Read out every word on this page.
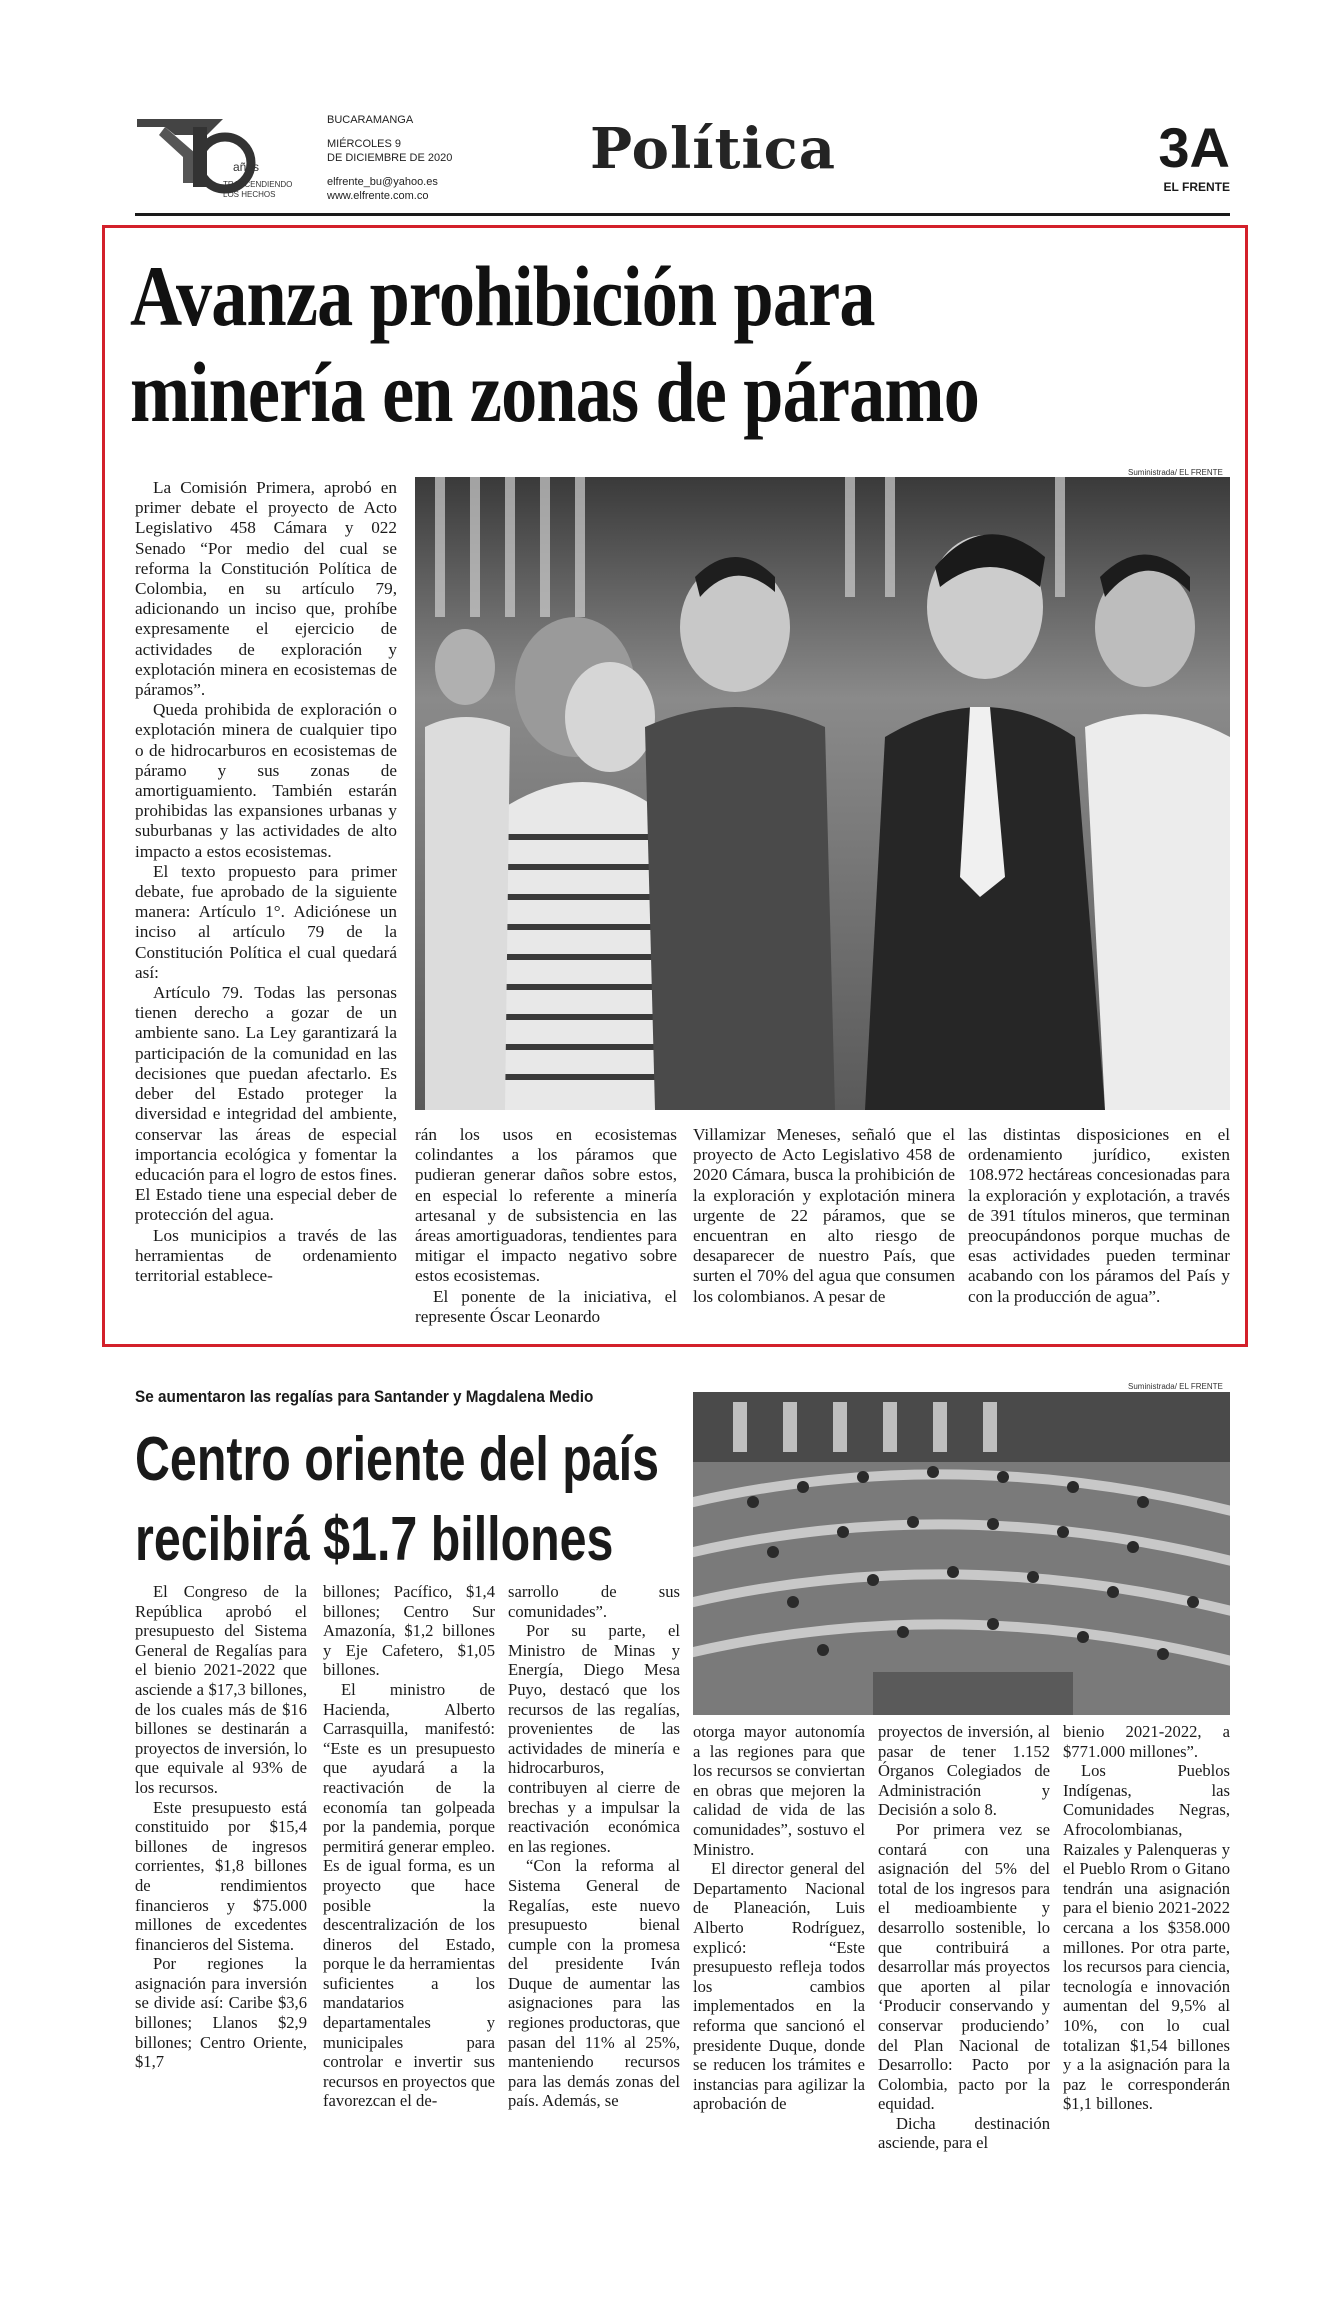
años
TRASCENDIENDO
LOS HECHOS
BUCARAMANGA
MIÉRCOLES 9
DE DICIEMBRE DE 2020
elfrente_bu@yahoo.es
www.elfrente.com.co
Política	3A
EL FRENTE
Avanza prohibición para
minería en zonas de páramo
Suministrada/ EL FRENTE

La Comisión Primera, aprobó en primer debate el proyecto de Acto Legislativo 458 Cámara y 022 Senado “Por medio del cual se reforma la Constitución Política de Colombia, en su artículo 79, adicionando un inciso que, prohíbe expresamente el ejercicio de actividades de exploración y explotación minera en ecosistemas de páramos”.

Queda prohibida de exploración o explotación minera de cualquier tipo o de hidrocarburos en ecosistemas de páramo y sus zonas de amortiguamiento. También estarán prohibidas las expansiones urbanas y suburbanas y las actividades de alto impacto a estos ecosistemas.

El texto propuesto para primer debate, fue aprobado de la siguiente manera: Artículo 1°. Adiciónese un inciso al artículo 79 de la Constitución Política el cual quedará así:

Artículo 79. Todas las personas tienen derecho a gozar de un ambiente sano. La Ley garantizará la participación de la comunidad en las decisiones que puedan afectarlo. Es deber del Estado proteger la diversidad e integridad del ambiente, conservar las áreas de especial importancia ecológica y fomentar la educación para el logro de estos fines. El Estado tiene una especial deber de protección del agua.

Los municipios a través de las herramientas de ordenamiento territorial establece-

rán los usos en ecosistemas colindantes a los páramos que pudieran generar daños sobre estos, en especial lo referente a minería artesanal y de subsistencia en las áreas amortiguadoras, tendientes para mitigar el impacto negativo sobre estos ecosistemas.

El ponente de la iniciativa, el represente Óscar Leonardo

Villamizar Meneses, señaló que el proyecto de Acto Legislativo 458 de 2020 Cámara, busca la prohibición de la exploración y explotación minera urgente de 22 páramos, que se encuentran en alto riesgo de desaparecer de nuestro País, que surten el 70% del agua que consumen los colombianos. A pesar de

las distintas disposiciones en el ordenamiento jurídico, existen 108.972 hectáreas concesionadas para la exploración y explotación, a través de 391 títulos mineros, que terminan preocupándonos porque muchas de esas actividades pueden terminar acabando con los páramos del País y con la producción de agua”.

Se aumentaron las regalías para Santander y Magdalena Medio
Centro oriente del país
recibirá $1.7 billones
Suministrada/ EL FRENTE

El Congreso de la República aprobó el presupuesto del Sistema General de Regalías para el bienio 2021-2022 que asciende a $17,3 billones, de los cuales más de $16 billones se destinarán a proyectos de inversión, lo que equivale al 93% de los recursos.

Este presupuesto está constituido por $15,4 billones de ingresos corrientes, $1,8 billones de rendimientos financieros y $75.000 millones de excedentes financieros del Sistema.

Por regiones la asignación para inversión se divide así: Caribe $3,6 billones; Llanos $2,9 billones; Centro Oriente, $1,7

billones; Pacífico, $1,4 billones; Centro Sur Amazonía, $1,2 billones y Eje Cafetero, $1,05 billones.

El ministro de Hacienda, Alberto Carrasquilla, manifestó: “Este es un presupuesto que ayudará a la reactivación de la economía tan golpeada por la pandemia, porque permitirá generar empleo. Es de igual forma, es un proyecto que hace posible la descentralización de los dineros del Estado, porque le da herramientas suficientes a los mandatarios departamentales y municipales para controlar e invertir sus recursos en proyectos que favorezcan el de-

sarrollo de sus comunidades”.

Por su parte, el Ministro de Minas y Energía, Diego Mesa Puyo, destacó que los recursos de las regalías, provenientes de las actividades de minería e hidrocarburos, contribuyen al cierre de brechas y a impulsar la reactivación económica en las regiones.

“Con la reforma al Sistema General de Regalías, este nuevo presupuesto bienal cumple con la promesa del presidente Iván Duque de aumentar las asignaciones para las regiones productoras, que pasan del 11% al 25%, manteniendo recursos para las demás zonas del país. Además, se

otorga mayor autonomía a las regiones para que los recursos se conviertan en obras que mejoren la calidad de vida de las comunidades”, sostuvo el Ministro.

El director general del Departamento Nacional de Planeación, Luis Alberto Rodríguez, explicó: “Este presupuesto refleja todos los cambios implementados en la reforma que sancionó el presidente Duque, donde se reducen los trámites e instancias para agilizar la aprobación de

proyectos de inversión, al pasar de tener 1.152 Órganos Colegiados de Administración y Decisión a solo 8.

Por primera vez se contará con una asignación del 5% del total de los ingresos para el medioambiente y desarrollo sostenible, lo que contribuirá a desarrollar más proyectos que aporten al pilar ‘Producir conservando y conservar produciendo’ del Plan Nacional de Desarrollo: Pacto por Colombia, pacto por la equidad.

Dicha destinación asciende, para el

bienio 2021-2022, a $771.000 millones”.

Los Pueblos Indígenas, las Comunidades Negras, Afrocolombianas, Raizales y Palenqueras y el Pueblo Rrom o Gitano tendrán una asignación para el bienio 2021-2022 cercana a los $358.000 millones. Por otra parte, los recursos para ciencia, tecnología e innovación aumentan del 9,5% al 10%, con lo cual totalizan $1,54 billones y a la asignación para la paz le corresponderán $1,1 billones.
